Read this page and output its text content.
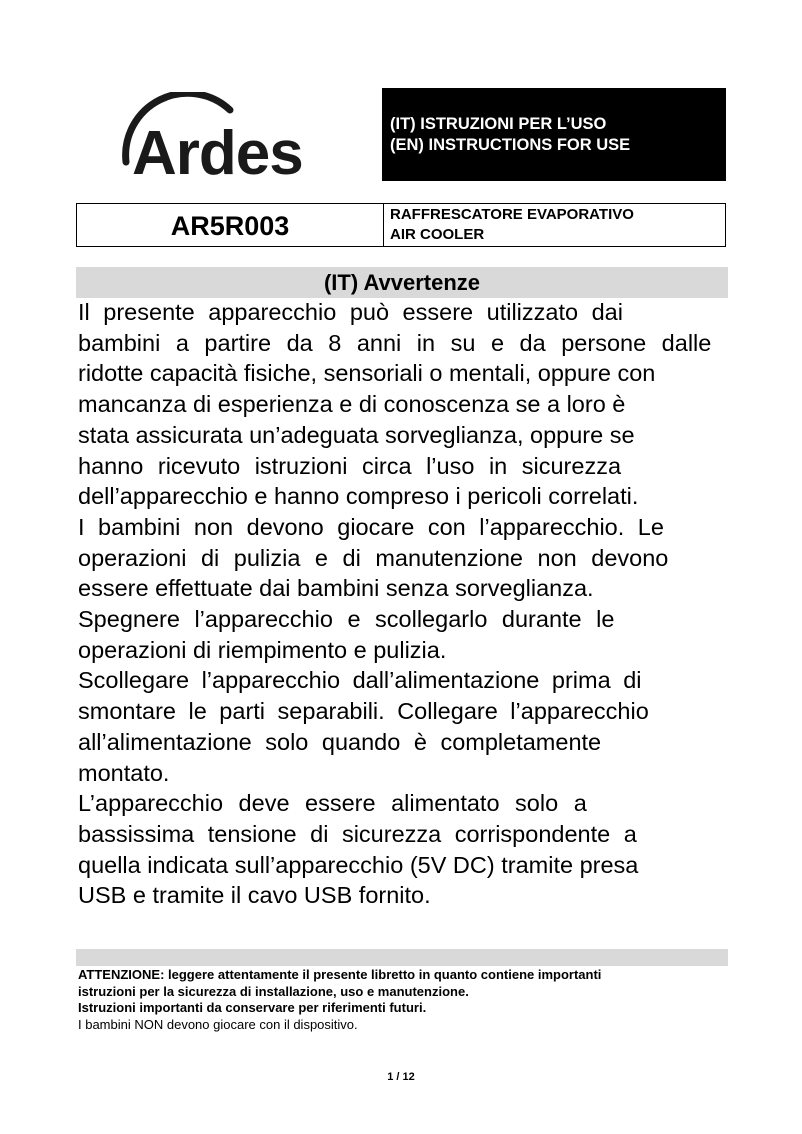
Ardes	(IT) ISTRUZIONI PER L’USO
(EN) INSTRUCTIONS FOR USE
AR5R003	RAFFRESCATORE EVAPORATIVO
AIR COOLER
(IT) Avvertenze
Il presente apparecchio può essere utilizzato dai
bambini a partire da 8 anni in su e da persone dalle
ridotte capacità fisiche, sensoriali o mentali, oppure con
mancanza di esperienza e di conoscenza se a loro è
stata assicurata un’adeguata sorveglianza, oppure se
hanno ricevuto istruzioni circa l’uso in sicurezza
dell’apparecchio e hanno compreso i pericoli correlati.
I bambini non devono giocare con l’apparecchio. Le
operazioni di pulizia e di manutenzione non devono
essere effettuate dai bambini senza sorveglianza.
Spegnere l’apparecchio e scollegarlo durante le
operazioni di riempimento e pulizia.
Scollegare l’apparecchio dall’alimentazione prima di
smontare le parti separabili. Collegare l’apparecchio
all’alimentazione solo quando è completamente
montato.
L’apparecchio deve essere alimentato solo a
bassissima tensione di sicurezza corrispondente a
quella indicata sull’apparecchio (5V DC) tramite presa
USB e tramite il cavo USB fornito.
ATTENZIONE: leggere attentamente il presente libretto in quanto contiene importanti
istruzioni per la sicurezza di installazione, uso e manutenzione.
Istruzioni importanti da conservare per riferimenti futuri.
I bambini NON devono giocare con il dispositivo.
1 / 12
